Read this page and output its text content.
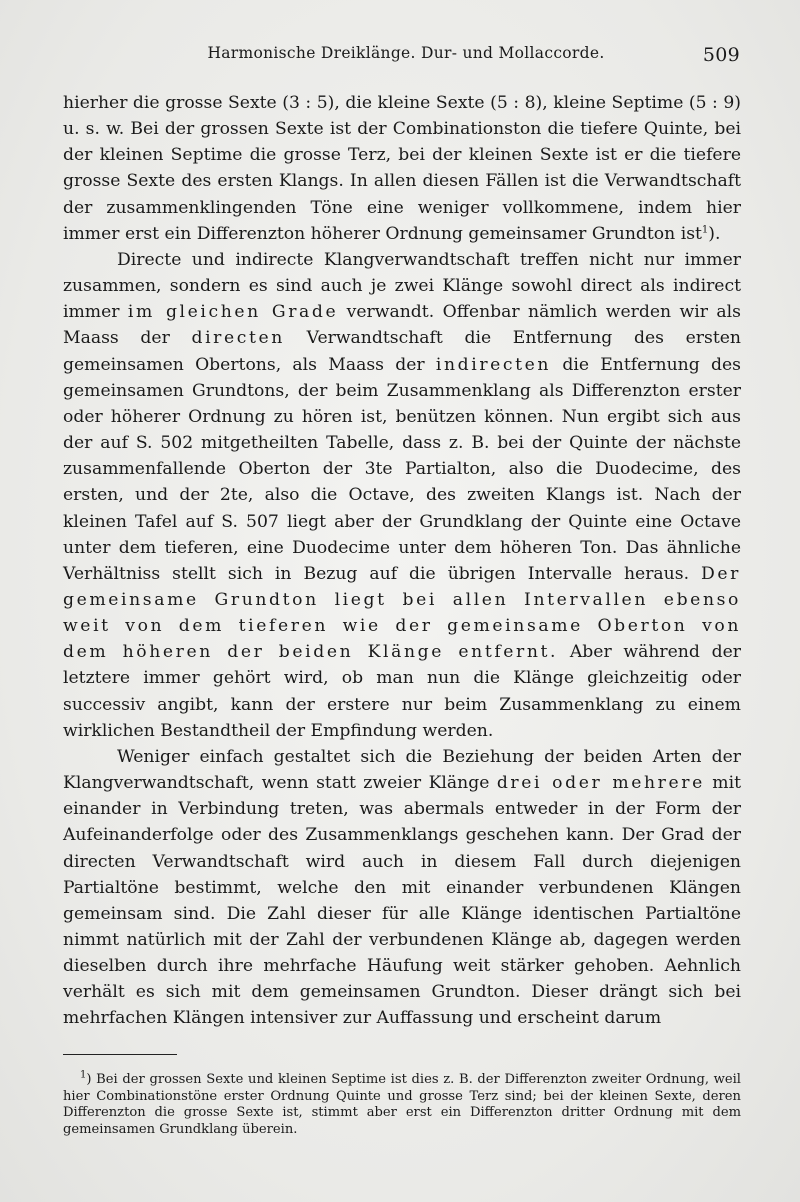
Harmonische Dreiklänge. Dur- und Mollaccorde.	509

hierher die grosse Sexte (3 : 5), die kleine Sexte (5 : 8), kleine Septime (5 : 9) u. s. w. Bei der grossen Sexte ist der Combinationston die tiefere Quinte, bei der kleinen Septime die grosse Terz, bei der kleinen Sexte ist er die tiefere grosse Sexte des ersten Klangs. In allen diesen Fällen ist die Verwandtschaft der zusammenklingenden Töne eine weniger vollkommene, indem hier immer erst ein Differenzton höherer Ordnung gemeinsamer Grundton ist$^1$).

Directe und indirecte Klangverwandtschaft treffen nicht nur immer zusammen, sondern es sind auch je zwei Klänge sowohl direct als indirect immer im gleichen Grade verwandt. Offenbar nämlich werden wir als Maass der directen Verwandtschaft die Entfernung des ersten gemeinsamen Obertons, als Maass der indirecten die Entfernung des gemeinsamen Grundtons, der beim Zusammenklang als Differenzton erster oder höherer Ordnung zu hören ist, benützen können. Nun ergibt sich aus der auf S. 502 mitgetheilten Tabelle, dass z. B. bei der Quinte der nächste zusammenfallende Oberton der 3te Partialton, also die Duodecime, des ersten, und der 2te, also die Octave, des zweiten Klangs ist. Nach der kleinen Tafel auf S. 507 liegt aber der Grundklang der Quinte eine Octave unter dem tieferen, eine Duodecime unter dem höheren Ton. Das ähnliche Verhältniss stellt sich in Bezug auf die übrigen Intervalle heraus. Der gemeinsame Grundton liegt bei allen Intervallen ebenso weit von dem tieferen wie der gemeinsame Oberton von dem höheren der beiden Klänge entfernt. Aber während der letztere immer gehört wird, ob man nun die Klänge gleichzeitig oder successiv angibt, kann der erstere nur beim Zusammenklang zu einem wirklichen Bestandtheil der Empfindung werden.

Weniger einfach gestaltet sich die Beziehung der beiden Arten der Klangverwandtschaft, wenn statt zweier Klänge drei oder mehrere mit einander in Verbindung treten, was abermals entweder in der Form der Aufeinanderfolge oder des Zusammenklangs geschehen kann. Der Grad der directen Verwandtschaft wird auch in diesem Fall durch diejenigen Partialtöne bestimmt, welche den mit einander verbundenen Klängen gemeinsam sind. Die Zahl dieser für alle Klänge identischen Partialtöne nimmt natürlich mit der Zahl der verbundenen Klänge ab, dagegen werden dieselben durch ihre mehrfache Häufung weit stärker gehoben. Aehnlich verhält es sich mit dem gemeinsamen Grundton. Dieser drängt sich bei mehrfachen Klängen intensiver zur Auffassung und erscheint darum

$^1$) Bei der grossen Sexte und kleinen Septime ist dies z. B. der Differenzton zweiter Ordnung, weil hier Combinationstöne erster Ordnung Quinte und grosse Terz sind; bei der kleinen Sexte, deren Differenzton die grosse Sexte ist, stimmt aber erst ein Differenzton dritter Ordnung mit dem gemeinsamen Grundklang überein.
